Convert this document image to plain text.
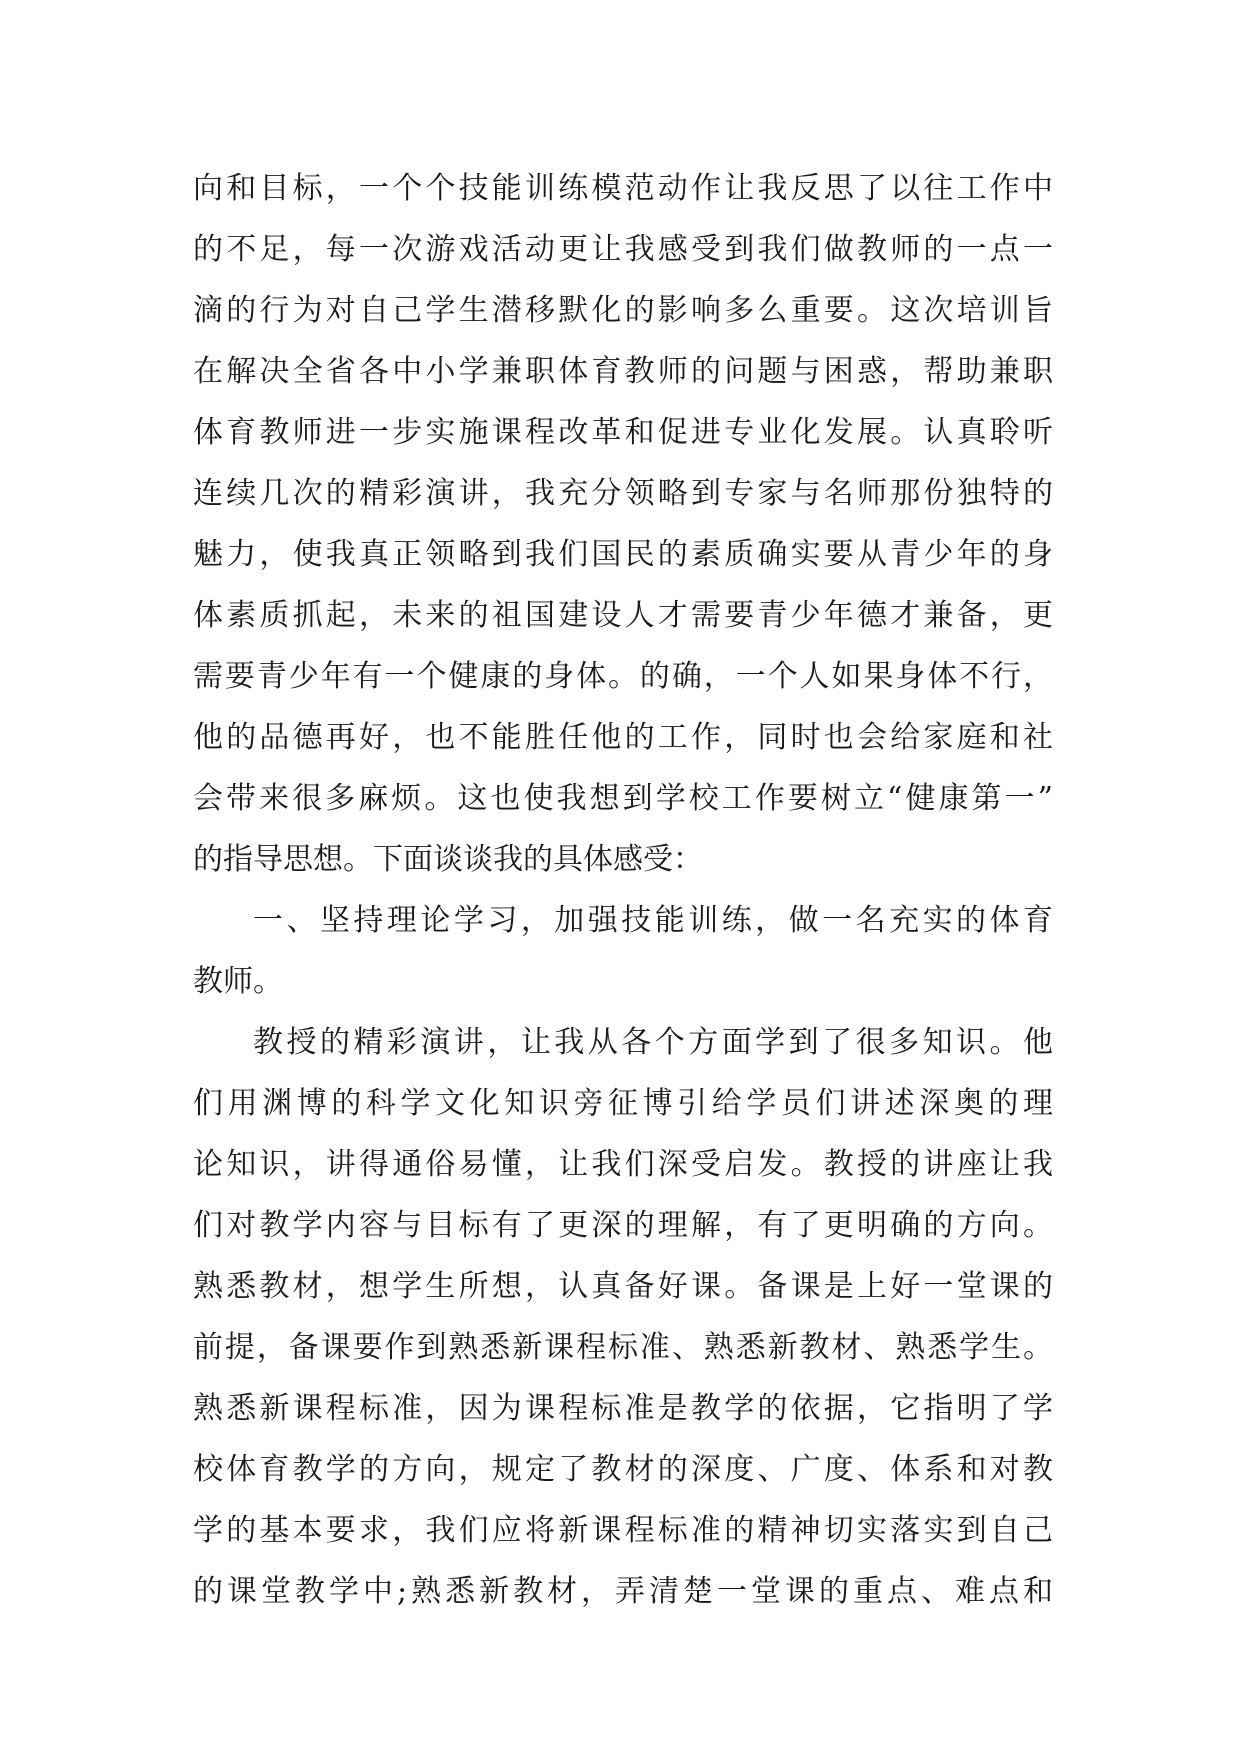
向和目标，一个个技能训练模范动作让我反思了以往工作中
的不足，每一次游戏活动更让我感受到我们做教师的一点一
滴的行为对自己学生潜移默化的影响多么重要。这次培训旨
在解决全省各中小学兼职体育教师的问题与困惑，帮助兼职
体育教师进一步实施课程改革和促进专业化发展。认真聆听
连续几次的精彩演讲，我充分领略到专家与名师那份独特的
魅力，使我真正领略到我们国民的素质确实要从青少年的身
体素质抓起，未来的祖国建设人才需要青少年德才兼备，更
需要青少年有一个健康的身体。的确，一个人如果身体不行，
他的品德再好，也不能胜任他的工作，同时也会给家庭和社
会带来很多麻烦。这也使我想到学校工作要树立“健康第一”
的指导思想。下面谈谈我的具体感受：
一、坚持理论学习，加强技能训练，做一名充实的体育
教师。
教授的精彩演讲，让我从各个方面学到了很多知识。他
们用渊博的科学文化知识旁征博引给学员们讲述深奥的理
论知识，讲得通俗易懂，让我们深受启发。教授的讲座让我
们对教学内容与目标有了更深的理解，有了更明确的方向。
熟悉教材，想学生所想，认真备好课。备课是上好一堂课的
前提，备课要作到熟悉新课程标准、熟悉新教材、熟悉学生。
熟悉新课程标准，因为课程标准是教学的依据，它指明了学
校体育教学的方向，规定了教材的深度、广度、体系和对教
学的基本要求，我们应将新课程标准的精神切实落实到自己
的课堂教学中;熟悉新教材，弄清楚一堂课的重点、难点和
